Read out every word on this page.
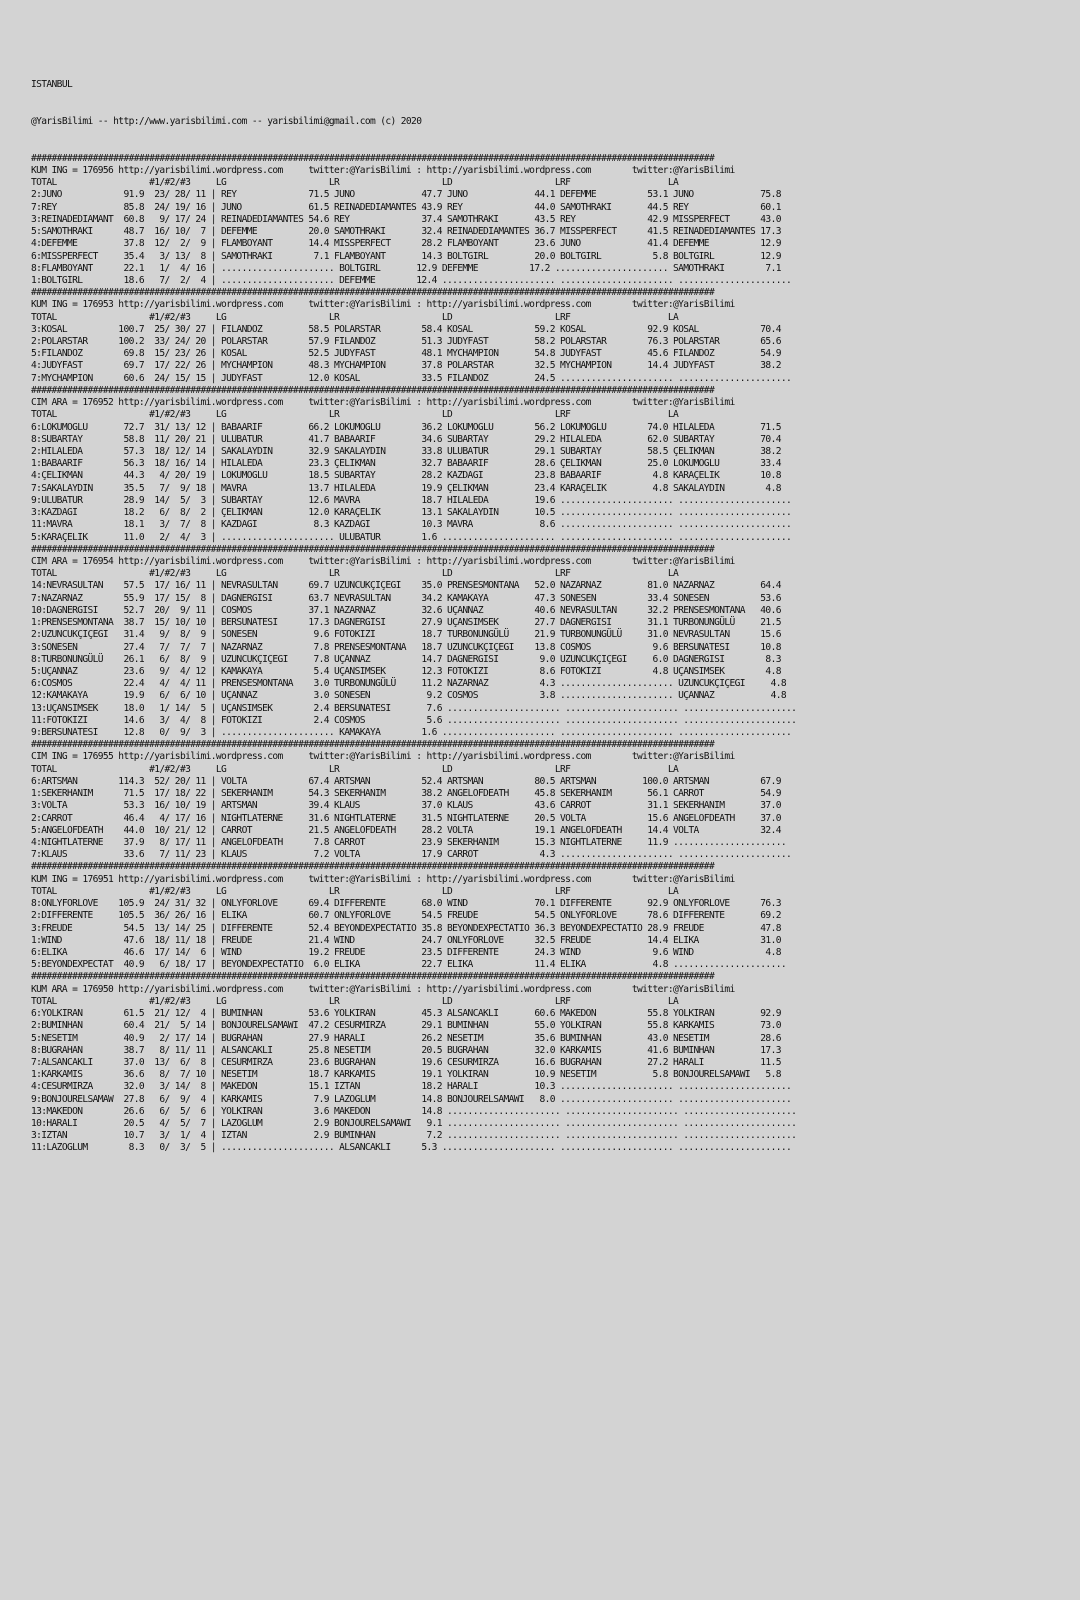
ISTANBUL

@YarisBilimi -- http://www.yarisbilimi.com -- yarisbilimi@gmail.com (c) 2020

#####################################################################################################################################
KUM ING = 176956 http://yarisbilimi.wordpress.com     twitter:@YarisBilimi : http://yarisbilimi.wordpress.com        twitter:@YarisBilimi
TOTAL                  #1/#2/#3     LG                    LR                    LD                    LRF                   LA
2:JUNO            91.9  23/ 28/ 11 | REY              71.5 JUNO             47.7 JUNO             44.1 DEFEMME          53.1 JUNO             75.8
7:REY             85.8  24/ 19/ 16 | JUNO             61.5 REINADEDIAMANTES 43.9 REY              44.0 SAMOTHRAKI       44.5 REY              60.1
3:REINADEDIAMANT  60.8   9/ 17/ 24 | REINADEDIAMANTES 54.6 REY              37.4 SAMOTHRAKI       43.5 REY              42.9 MISSPERFECT      43.0
5:SAMOTHRAKI      48.7  16/ 10/  7 | DEFEMME          20.0 SAMOTHRAKI       32.4 REINADEDIAMANTES 36.7 MISSPERFECT      41.5 REINADEDIAMANTES 17.3
4:DEFEMME         37.8  12/  2/  9 | FLAMBOYANT       14.4 MISSPERFECT      28.2 FLAMBOYANT       23.6 JUNO             41.4 DEFEMME          12.9
6:MISSPERFECT     35.4   3/ 13/  8 | SAMOTHRAKI        7.1 FLAMBOYANT       14.3 BOLTGIRL         20.0 BOLTGIRL          5.8 BOLTGIRL         12.9
8:FLAMBOYANT      22.1   1/  4/ 16 | ...................... BOLTGIRL       12.9 DEFEMME          17.2 ...................... SAMOTHRAKI        7.1
1:BOLTGIRL        18.6   7/  2/  4 | ...................... DEFEMME        12.4 ...................... ...................... ......................
#####################################################################################################################################
KUM ING = 176953 http://yarisbilimi.wordpress.com     twitter:@YarisBilimi : http://yarisbilimi.wordpress.com        twitter:@YarisBilimi
TOTAL                  #1/#2/#3     LG                    LR                    LD                    LRF                   LA
3:KOSAL          100.7  25/ 30/ 27 | FILANDOZ         58.5 POLARSTAR        58.4 KOSAL            59.2 KOSAL            92.9 KOSAL            70.4
2:POLARSTAR      100.2  33/ 24/ 20 | POLARSTAR        57.9 FILANDOZ         51.3 JUDYFAST         58.2 POLARSTAR        76.3 POLARSTAR        65.6
5:FILANDOZ        69.8  15/ 23/ 26 | KOSAL            52.5 JUDYFAST         48.1 MYCHAMPION       54.8 JUDYFAST         45.6 FILANDOZ         54.9
4:JUDYFAST        69.7  17/ 22/ 26 | MYCHAMPION       48.3 MYCHAMPION       37.8 POLARSTAR        32.5 MYCHAMPION       14.4 JUDYFAST         38.2
7:MYCHAMPION      60.6  24/ 15/ 15 | JUDYFAST         12.0 KOSAL            33.5 FILANDOZ         24.5 ...................... ......................
#####################################################################################################################################
CIM ARA = 176952 http://yarisbilimi.wordpress.com     twitter:@YarisBilimi : http://yarisbilimi.wordpress.com        twitter:@YarisBilimi
TOTAL                  #1/#2/#3     LG                    LR                    LD                    LRF                   LA
6:LOKUMOGLU       72.7  31/ 13/ 12 | BABAARIF         66.2 LOKUMOGLU        36.2 LOKUMOGLU        56.2 LOKUMOGLU        74.0 HILALEDA         71.5
8:SUBARTAY        58.8  11/ 20/ 21 | ULUBATUR         41.7 BABAARIF         34.6 SUBARTAY         29.2 HILALEDA         62.0 SUBARTAY         70.4
2:HILALEDA        57.3  18/ 12/ 14 | SAKALAYDIN       32.9 SAKALAYDIN       33.8 ULUBATUR         29.1 SUBARTAY         58.5 ÇELIKMAN         38.2
1:BABAARIF        56.3  18/ 16/ 14 | HILALEDA         23.3 ÇELIKMAN         32.7 BABAARIF         28.6 ÇELIKMAN         25.0 LOKUMOGLU        33.4
4:ÇELIKMAN        44.3   4/ 20/ 19 | LOKUMOGLU        18.5 SUBARTAY         28.2 KAZDAGI          23.8 BABAARIF          4.8 KARAÇELIK        10.8
7:SAKALAYDIN      35.5   7/  9/ 18 | MAVRA            13.7 HILALEDA         19.9 ÇELIKMAN         23.4 KARAÇELIK         4.8 SAKALAYDIN        4.8
9:ULUBATUR        28.9  14/  5/  3 | SUBARTAY         12.6 MAVRA            18.7 HILALEDA         19.6 ...................... ......................
3:KAZDAGI         18.2   6/  8/  2 | ÇELIKMAN         12.0 KARAÇELIK        13.1 SAKALAYDIN       10.5 ...................... ......................
11:MAVRA          18.1   3/  7/  8 | KAZDAGI           8.3 KAZDAGI          10.3 MAVRA             8.6 ...................... ......................
5:KARAÇELIK       11.0   2/  4/  3 | ...................... ULUBATUR        1.6 ...................... ...................... ......................
#####################################################################################################################################
CIM ARA = 176954 http://yarisbilimi.wordpress.com     twitter:@YarisBilimi : http://yarisbilimi.wordpress.com        twitter:@YarisBilimi
TOTAL                  #1/#2/#3     LG                    LR                    LD                    LRF                   LA
14:NEVRASULTAN    57.5  17/ 16/ 11 | NEVRASULTAN      69.7 UZUNCUKÇIÇEGI    35.0 PRENSESMONTANA   52.0 NAZARNAZ         81.0 NAZARNAZ         64.4
7:NAZARNAZ        55.9  17/ 15/  8 | DAGNERGISI       63.7 NEVRASULTAN      34.2 KAMAKAYA         47.3 SONESEN          33.4 SONESEN          53.6
10:DAGNERGISI     52.7  20/  9/ 11 | COSMOS           37.1 NAZARNAZ         32.6 UÇANNAZ          40.6 NEVRASULTAN      32.2 PRENSESMONTANA   40.6
1:PRENSESMONTANA  38.7  15/ 10/ 10 | BERSUNATESI      17.3 DAGNERGISI       27.9 UÇANSIMSEK       27.7 DAGNERGISI       31.1 TURBONUNGÜLÜ     21.5
2:UZUNCUKÇIÇEGI   31.4   9/  8/  9 | SONESEN           9.6 FOTOKIZI         18.7 TURBONUNGÜLÜ     21.9 TURBONUNGÜLÜ     31.0 NEVRASULTAN      15.6
3:SONESEN         27.4   7/  7/  7 | NAZARNAZ          7.8 PRENSESMONTANA   18.7 UZUNCUKÇIÇEGI    13.8 COSMOS            9.6 BERSUNATESI      10.8
8:TURBONUNGÜLÜ    26.1   6/  8/  9 | UZUNCUKÇIÇEGI     7.8 UÇANNAZ          14.7 DAGNERGISI        9.0 UZUNCUKÇIÇEGI     6.0 DAGNERGISI        8.3
5:UÇANNAZ         23.6   9/  4/ 12 | KAMAKAYA          5.4 UÇANSIMSEK       12.3 FOTOKIZI          8.6 FOTOKIZI          4.8 UÇANSIMSEK        4.8
6:COSMOS          22.4   4/  4/ 11 | PRENSESMONTANA    3.0 TURBONUNGÜLÜ     11.2 NAZARNAZ          4.3 ...................... UZUNCUKÇIÇEGI     4.8
12:KAMAKAYA       19.9   6/  6/ 10 | UÇANNAZ           3.0 SONESEN           9.2 COSMOS            3.8 ...................... UÇANNAZ           4.8
13:UÇANSIMSEK     18.0   1/ 14/  5 | UÇANSIMSEK        2.4 BERSUNATESI       7.6 ...................... ...................... ......................
11:FOTOKIZI       14.6   3/  4/  8 | FOTOKIZI          2.4 COSMOS            5.6 ...................... ...................... ......................
9:BERSUNATESI     12.8   0/  9/  3 | ...................... KAMAKAYA        1.6 ...................... ...................... ......................
#####################################################################################################################################
CIM ING = 176955 http://yarisbilimi.wordpress.com     twitter:@YarisBilimi : http://yarisbilimi.wordpress.com        twitter:@YarisBilimi
TOTAL                  #1/#2/#3     LG                    LR                    LD                    LRF                   LA
6:ARTSMAN        114.3  52/ 20/ 11 | VOLTA            67.4 ARTSMAN          52.4 ARTSMAN          80.5 ARTSMAN         100.0 ARTSMAN          67.9
1:SEKERHANIM      71.5  17/ 18/ 22 | SEKERHANIM       54.3 SEKERHANIM       38.2 ANGELOFDEATH     45.8 SEKERHANIM       56.1 CARROT           54.9
3:VOLTA           53.3  16/ 10/ 19 | ARTSMAN          39.4 KLAUS            37.0 KLAUS            43.6 CARROT           31.1 SEKERHANIM       37.0
2:CARROT          46.4   4/ 17/ 16 | NIGHTLATERNE     31.6 NIGHTLATERNE     31.5 NIGHTLATERNE     20.5 VOLTA            15.6 ANGELOFDEATH     37.0
5:ANGELOFDEATH    44.0  10/ 21/ 12 | CARROT           21.5 ANGELOFDEATH     28.2 VOLTA            19.1 ANGELOFDEATH     14.4 VOLTA            32.4
4:NIGHTLATERNE    37.9   8/ 17/ 11 | ANGELOFDEATH      7.8 CARROT           23.9 SEKERHANIM       15.3 NIGHTLATERNE     11.9 ......................
7:KLAUS           33.6   7/ 11/ 23 | KLAUS             7.2 VOLTA            17.9 CARROT            4.3 ...................... ......................
#####################################################################################################################################
KUM ING = 176951 http://yarisbilimi.wordpress.com     twitter:@YarisBilimi : http://yarisbilimi.wordpress.com        twitter:@YarisBilimi
TOTAL                  #1/#2/#3     LG                    LR                    LD                    LRF                   LA
8:ONLYFORLOVE    105.9  24/ 31/ 32 | ONLYFORLOVE      69.4 DIFFERENTE       68.0 WIND             70.1 DIFFERENTE       92.9 ONLYFORLOVE      76.3
2:DIFFERENTE     105.5  36/ 26/ 16 | ELIKA            60.7 ONLYFORLOVE      54.5 FREUDE           54.5 ONLYFORLOVE      78.6 DIFFERENTE       69.2
3:FREUDE          54.5  13/ 14/ 25 | DIFFERENTE       52.4 BEYONDEXPECTATIO 35.8 BEYONDEXPECTATIO 36.3 BEYONDEXPECTATIO 28.9 FREUDE           47.8
1:WIND            47.6  18/ 11/ 18 | FREUDE           21.4 WIND             24.7 ONLYFORLOVE      32.5 FREUDE           14.4 ELIKA            31.0
6:ELIKA           46.6  17/ 14/  6 | WIND             19.2 FREUDE           23.5 DIFFERENTE       24.3 WIND              9.6 WIND              4.8
5:BEYONDEXPECTAT  40.9   6/ 18/ 17 | BEYONDEXPECTATIO  6.0 ELIKA            22.7 ELIKA            11.4 ELIKA             4.8 ......................
#####################################################################################################################################
KUM ARA = 176950 http://yarisbilimi.wordpress.com     twitter:@YarisBilimi : http://yarisbilimi.wordpress.com        twitter:@YarisBilimi
TOTAL                  #1/#2/#3     LG                    LR                    LD                    LRF                   LA
6:YOLKIRAN        61.5  21/ 12/  4 | BUMINHAN         53.6 YOLKIRAN         45.3 ALSANCAKLI       60.6 MAKEDON          55.8 YOLKIRAN         92.9
2:BUMINHAN        60.4  21/  5/ 14 | BONJOURELSAMAWI  47.2 CESURMIRZA       29.1 BUMINHAN         55.0 YOLKIRAN         55.8 KARKAMIS         73.0
5:NESETIM         40.9   2/ 17/ 14 | BUGRAHAN         27.9 HARALI           26.2 NESETIM          35.6 BUMINHAN         43.0 NESETIM          28.6
8:BUGRAHAN        38.7   8/ 11/ 11 | ALSANCAKLI       25.8 NESETIM          20.5 BUGRAHAN         32.0 KARKAMIS         41.6 BUMINHAN         17.3
7:ALSANCAKLI      37.0  13/  6/  8 | CESURMIRZA       23.6 BUGRAHAN         19.6 CESURMIRZA       16.6 BUGRAHAN         27.2 HARALI           11.5
1:KARKAMIS        36.6   8/  7/ 10 | NESETIM          18.7 KARKAMIS         19.1 YOLKIRAN         10.9 NESETIM           5.8 BONJOURELSAMAWI   5.8
4:CESURMIRZA      32.0   3/ 14/  8 | MAKEDON          15.1 IZTAN            18.2 HARALI           10.3 ...................... ......................
9:BONJOURELSAMAW  27.8   6/  9/  4 | KARKAMIS          7.9 LAZOGLUM         14.8 BONJOURELSAMAWI   8.0 ...................... ......................
13:MAKEDON        26.6   6/  5/  6 | YOLKIRAN          3.6 MAKEDON          14.8 ...................... ...................... ......................
10:HARALI         20.5   4/  5/  7 | LAZOGLUM          2.9 BONJOURELSAMAWI   9.1 ...................... ...................... ......................
3:IZTAN           10.7   3/  1/  4 | IZTAN             2.9 BUMINHAN          7.2 ...................... ...................... ......................
11:LAZOGLUM        8.3   0/  3/  5 | ...................... ALSANCAKLI      5.3 ...................... ...................... ......................
